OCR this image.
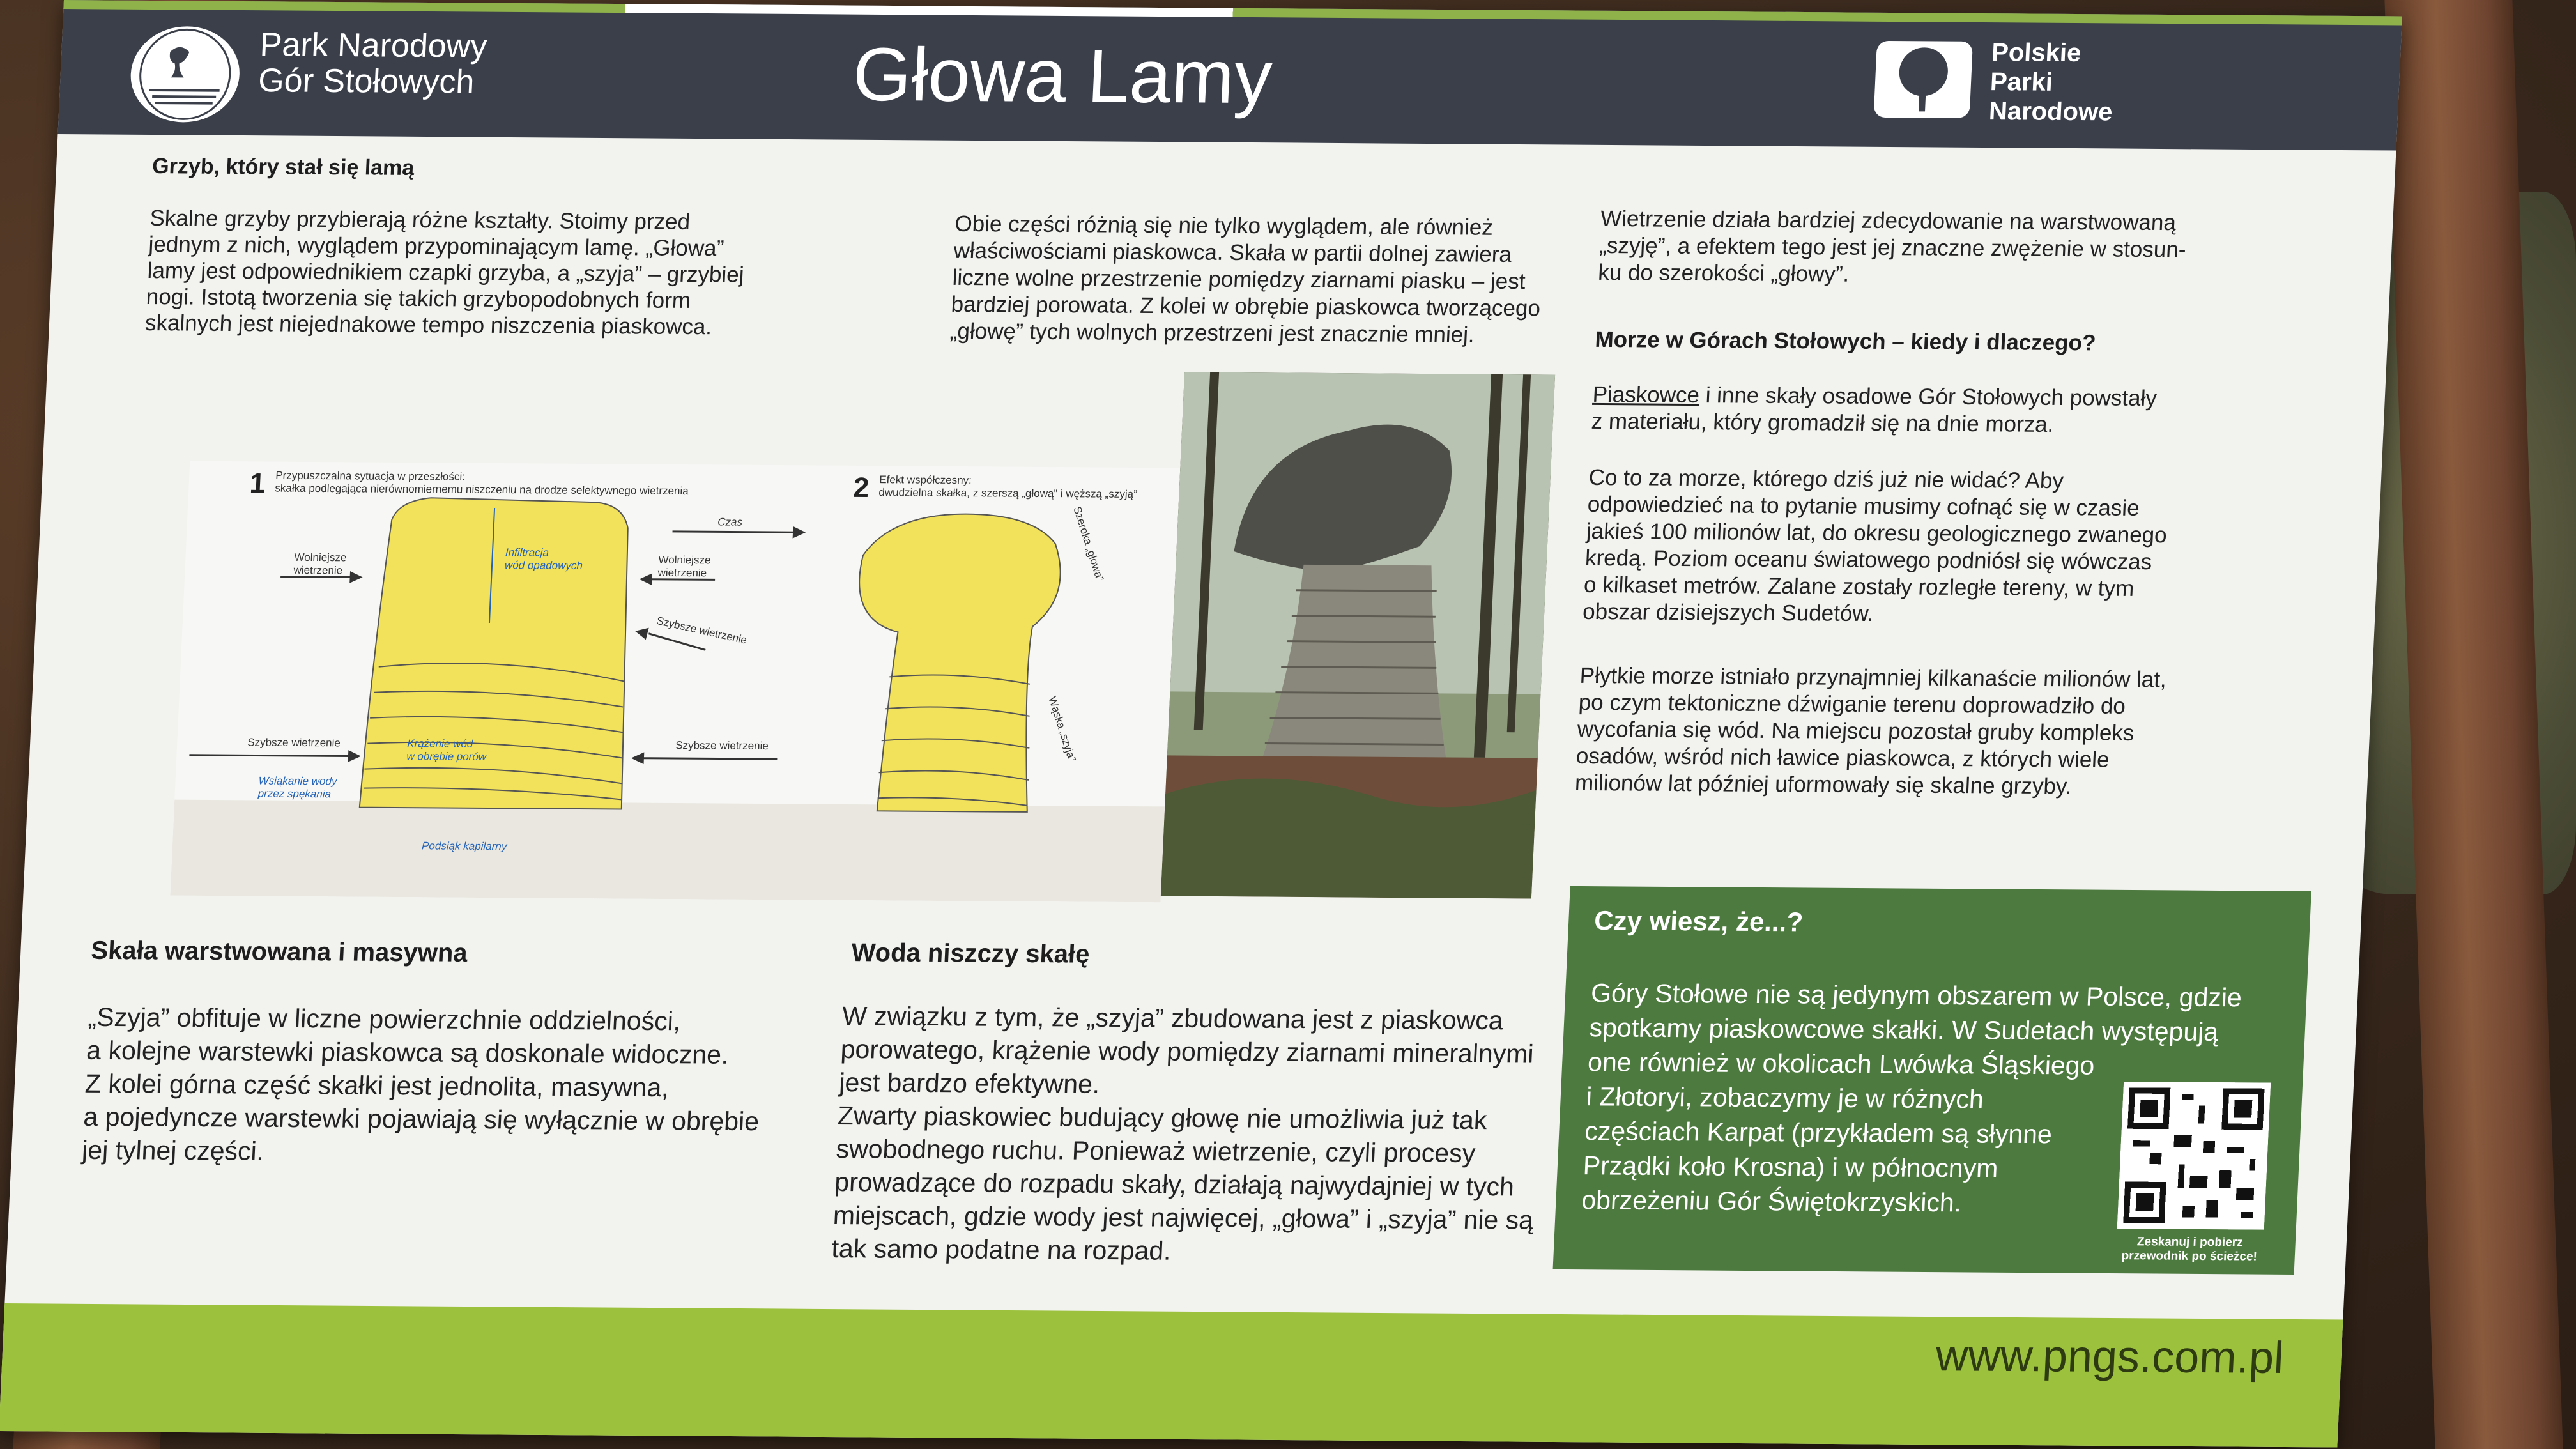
Park Narodowy
Gór Stołowych	Głowa Lamy	Polskie
Parki
Narodowe
Grzyb, który stał się lamą
Skalne grzyby przybierają różne kształty. Stoimy przed
jednym z nich, wyglądem przypominającym lamę. „Głowa”
lamy jest odpowiednikiem czapki grzyba, a „szyja” – grzybiej
nogi. Istotą tworzenia się takich grzybopodobnych form
skalnych jest niejednakowe tempo niszczenia piaskowca.
Obie części różnią się nie tylko wyglądem, ale również
właściwościami piaskowca. Skała w partii dolnej zawiera
liczne wolne przestrzenie pomiędzy ziarnami piasku – jest
bardziej porowata. Z kolei w obrębie piaskowca tworzącego
„głowę” tych wolnych przestrzeni jest znacznie mniej.
Wietrzenie działa bardziej zdecydowanie na warstwowaną
„szyję”, a efektem tego jest jej znaczne zwężenie w stosun-
ku do szerokości „głowy”.
Morze w Górach Stołowych – kiedy i dlaczego?
Piaskowce i inne skały osadowe Gór Stołowych powstały
z materiału, który gromadził się na dnie morza.
Co to za morze, którego dziś już nie widać? Aby
odpowiedzieć na to pytanie musimy cofnąć się w czasie
jakieś 100 milionów lat, do okresu geologicznego zwanego
kredą. Poziom oceanu światowego podniósł się wówczas
o kilkaset metrów. Zalane zostały rozległe tereny, w tym
obszar dzisiejszych Sudetów.
Płytkie morze istniało przynajmniej kilkanaście milionów lat,
po czym tektoniczne dźwiganie terenu doprowadziło do
wycofania się wód. Na miejscu pozostał gruby kompleks
osadów, wśród nich ławice piaskowca, z których wiele
milionów lat później uformowały się skalne grzyby.
1 Przypuszczalna sytuacja w przeszłości:
skałka podlegająca nierównomiernemu niszczeniu na drodze selektywnego wietrzenia	2 Efekt współczesny:
dwudzielna skałka, z szerszą „głową” i węższą „szyją”
Czas
Wolniejsze
wietrzenie
Wolniejsze
wietrzenie
Szybsze wietrzenie
Szybsze wietrzenie	Szybsze wietrzenie
Infiltracja
wód opadowych
Krążenie wód
w obrębie porów
Wsiąkanie wody
przez spękania
Podsiąk kapilarny
Szeroka „głowa”
Wąska „szyja”
Skała warstwowana i masywna
„Szyja” obfituje w liczne powierzchnie oddzielności,
a kolejne warstewki piaskowca są doskonale widoczne.
Z kolei górna część skałki jest jednolita, masywna,
a pojedyncze warstewki pojawiają się wyłącznie w obrębie
jej tylnej części.
Woda niszczy skałę
W związku z tym, że „szyja” zbudowana jest z piaskowca
porowatego, krążenie wody pomiędzy ziarnami mineralnymi
jest bardzo efektywne.
Zwarty piaskowiec budujący głowę nie umożliwia już tak
swobodnego ruchu. Ponieważ wietrzenie, czyli procesy
prowadzące do rozpadu skały, działają najwydajniej w tych
miejscach, gdzie wody jest najwięcej, „głowa” i „szyja” nie są
tak samo podatne na rozpad.
Czy wiesz, że...?
Góry Stołowe nie są jedynym obszarem w Polsce, gdzie
spotkamy piaskowcowe skałki. W Sudetach występują
one również w okolicach Lwówka Śląskiego
i Złotoryi, zobaczymy je w różnych
częściach Karpat (przykładem są słynne
Prządki koło Krosna) i w północnym
obrzeżeniu Gór Świętokrzyskich.
Zeskanuj i pobierz
przewodnik po ścieżce!
www.pngs.com.pl
